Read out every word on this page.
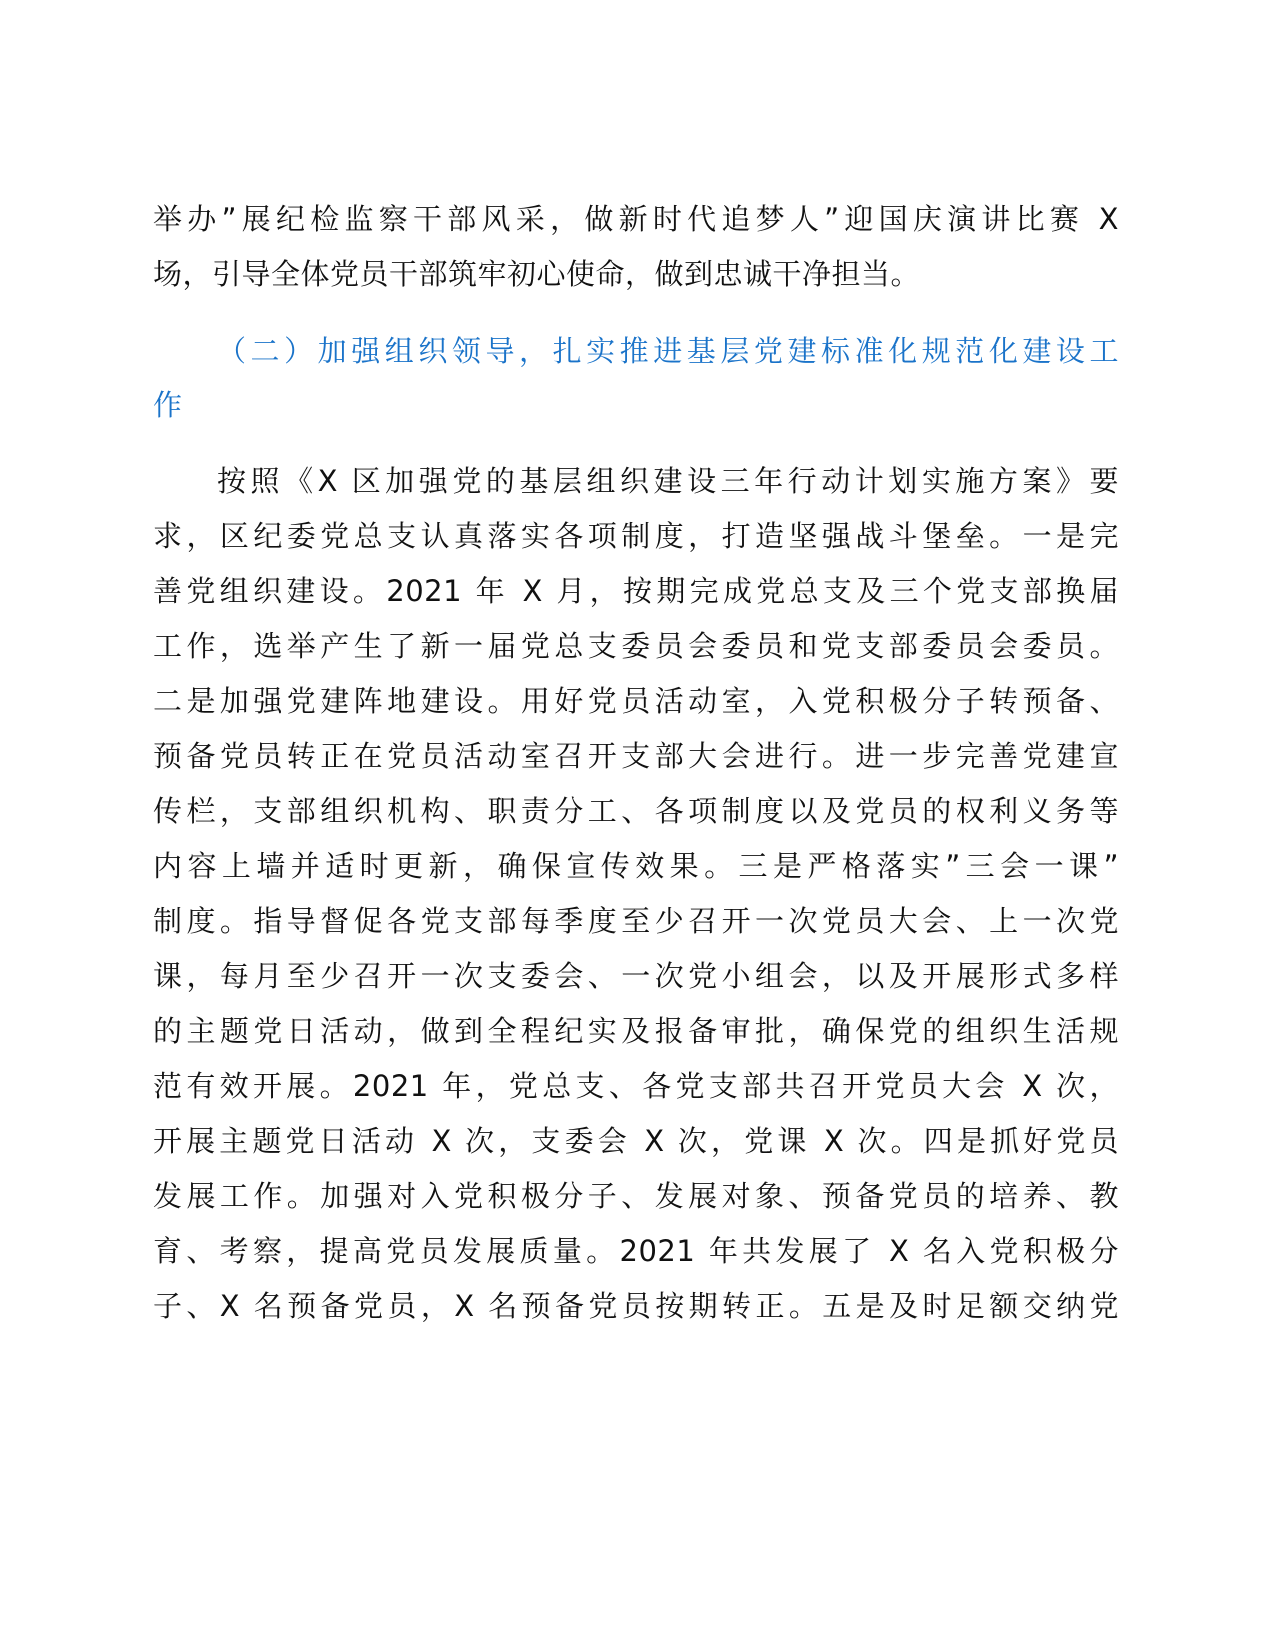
举办”展纪检监察干部风采，做新时代追梦人”迎国庆演讲比赛 X
场，引导全体党员干部筑牢初心使命，做到忠诚干净担当。
（二）加强组织领导，扎实推进基层党建标准化规范化建设工
作
按照《X 区加强党的基层组织建设三年行动计划实施方案》要
求，区纪委党总支认真落实各项制度，打造坚强战斗堡垒。一是完
善党组织建设。2021 年 X 月，按期完成党总支及三个党支部换届
工作，选举产生了新一届党总支委员会委员和党支部委员会委员。
二是加强党建阵地建设。用好党员活动室，入党积极分子转预备、
预备党员转正在党员活动室召开支部大会进行。进一步完善党建宣
传栏，支部组织机构、职责分工、各项制度以及党员的权利义务等
内容上墙并适时更新，确保宣传效果。三是严格落实”三会一课”
制度。指导督促各党支部每季度至少召开一次党员大会、上一次党
课，每月至少召开一次支委会、一次党小组会，以及开展形式多样
的主题党日活动，做到全程纪实及报备审批，确保党的组织生活规
范有效开展。2021 年，党总支、各党支部共召开党员大会 X 次，
开展主题党日活动 X 次，支委会 X 次，党课 X 次。四是抓好党员
发展工作。加强对入党积极分子、发展对象、预备党员的培养、教
育、考察，提高党员发展质量。2021 年共发展了 X 名入党积极分
子、X 名预备党员，X 名预备党员按期转正。五是及时足额交纳党
